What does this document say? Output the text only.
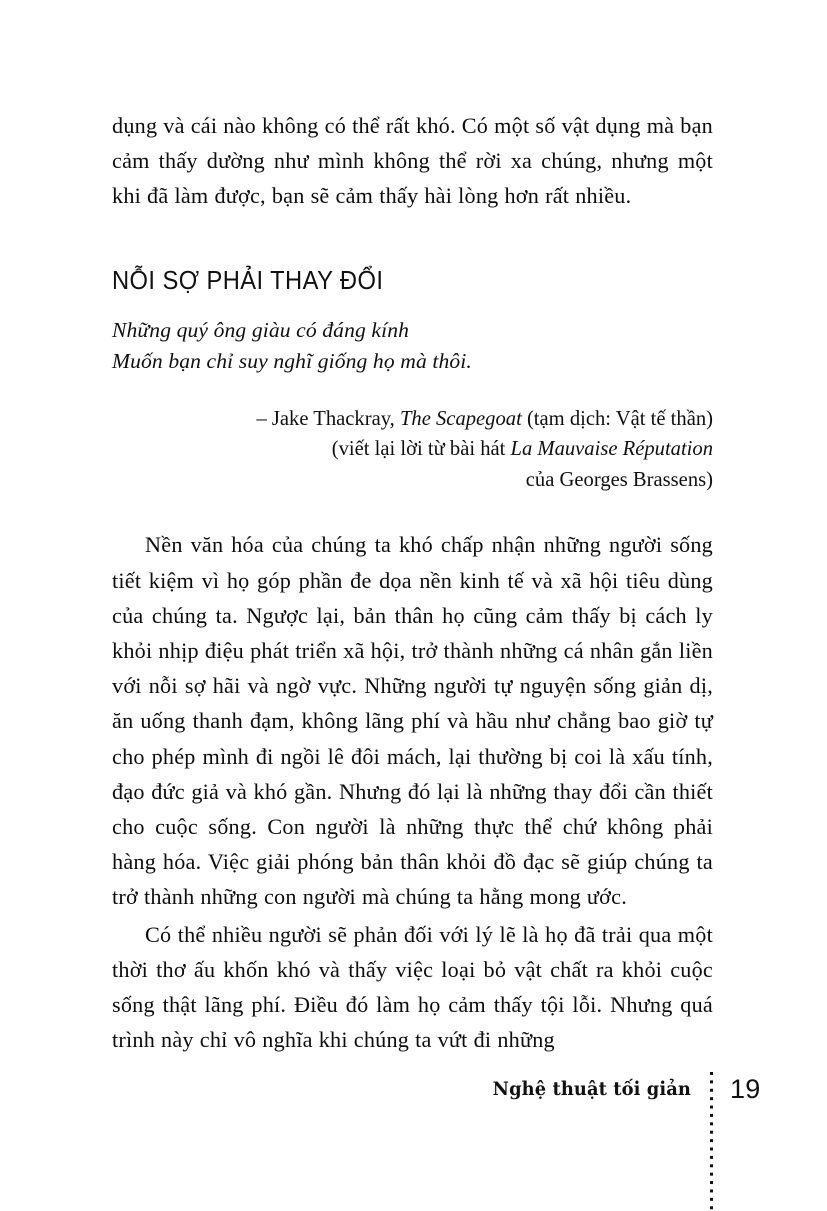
dụng và cái nào không có thể rất khó. Có một số vật dụng mà bạn cảm thấy dường như mình không thể rời xa chúng, nhưng một khi đã làm được, bạn sẽ cảm thấy hài lòng hơn rất nhiều.

NỖI SỢ PHẢI THAY ĐỔI
Những quý ông giàu có đáng kính
Muốn bạn chỉ suy nghĩ giống họ mà thôi.
– Jake Thackray, The Scapegoat (tạm dịch: Vật tế thần)
(viết lại lời từ bài hát La Mauvaise Réputation
của Georges Brassens)

Nền văn hóa của chúng ta khó chấp nhận những người sống tiết kiệm vì họ góp phần đe dọa nền kinh tế và xã hội tiêu dùng của chúng ta. Ngược lại, bản thân họ cũng cảm thấy bị cách ly khỏi nhịp điệu phát triển xã hội, trở thành những cá nhân gắn liền với nỗi sợ hãi và ngờ vực. Những người tự nguyện sống giản dị, ăn uống thanh đạm, không lãng phí và hầu như chẳng bao giờ tự cho phép mình đi ngồi lê đôi mách, lại thường bị coi là xấu tính, đạo đức giả và khó gần. Nhưng đó lại là những thay đổi cần thiết cho cuộc sống. Con người là những thực thể chứ không phải hàng hóa. Việc giải phóng bản thân khỏi đồ đạc sẽ giúp chúng ta trở thành những con người mà chúng ta hằng mong ước.

Có thể nhiều người sẽ phản đối với lý lẽ là họ đã trải qua một thời thơ ấu khốn khó và thấy việc loại bỏ vật chất ra khỏi cuộc sống thật lãng phí. Điều đó làm họ cảm thấy tội lỗi. Nhưng quá trình này chỉ vô nghĩa khi chúng ta vứt đi những

Nghệ thuật tối giản 19
